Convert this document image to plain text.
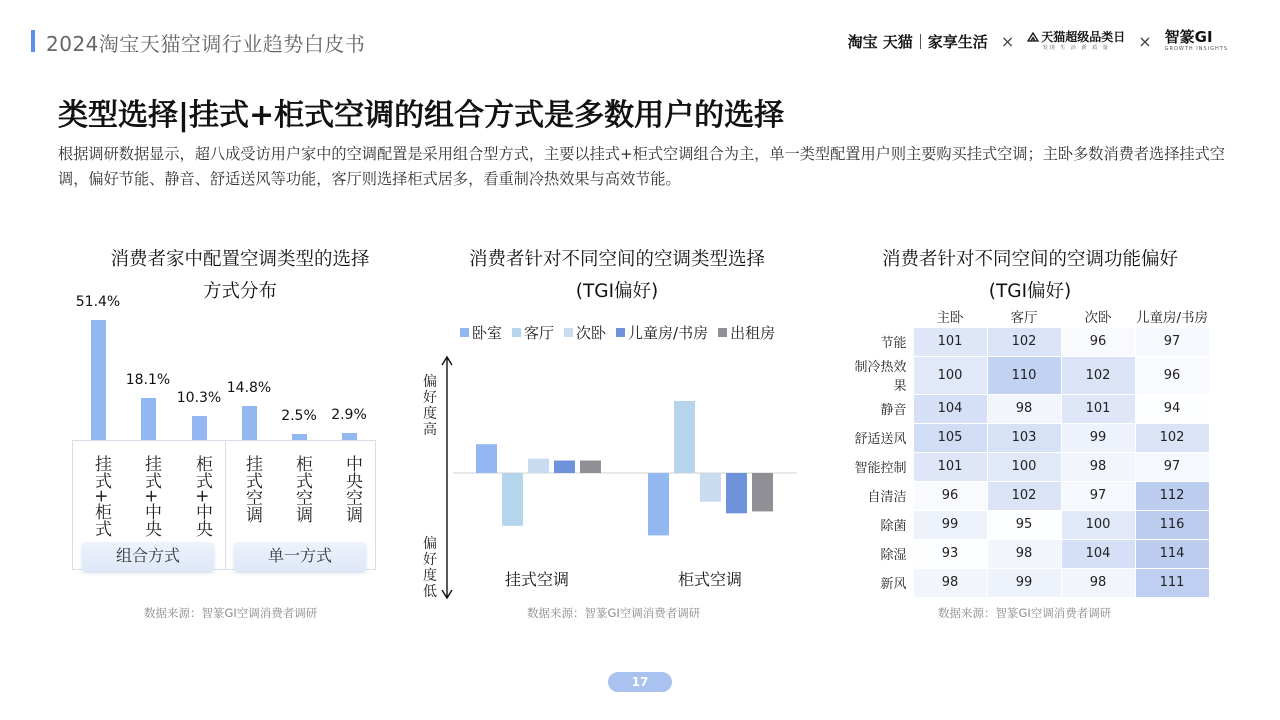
2024淘宝天猫空调行业趋势白皮书	淘宝 天猫 家享生活 × 天猫超级品类日
发现 生 活 新 质 量 × 智篆GI
GROWTH INSIGHTS
类型选择|挂式+柜式空调的组合方式是多数用户的选择
根据调研数据显示，超八成受访用户家中的空调配置是采用组合型方式，主要以挂式+柜式空调组合为主，单一类型配置用户则主要购买挂式空调；主卧多数消费者选择挂式空调，偏好节能、静音、舒适送风等功能，客厅则选择柜式居多，看重制冷热效果与高效节能。
消费者家中配置空调类型的选择
方式分布
51.4%
挂式+柜式
18.1%
挂式+中央
10.3%
柜式+中央
14.8%
挂式空调
2.5%
柜式空调
2.9%
中央空调
组合方式	单一方式
数据来源：智篆GI空调消费者调研
消费者针对不同空间的空调类型选择
(TGI偏好)
卧室 客厅 次卧 儿童房/书房 出租房
偏好度高
偏好度低
挂式空调	柜式空调
数据来源：智篆GI空调消费者调研
消费者针对不同空间的空调功能偏好
(TGI偏好)
	主卧	客厅	次卧	儿童房/书房
节能	101	102	96	97
制冷热效果	100	110	102	96
静音	104	98	101	94
舒适送风	105	103	99	102
智能控制	101	100	98	97
自清洁	96	102	97	112
除菌	99	95	100	116
除湿	93	98	104	114
新风	98	99	98	111
数据来源：智篆GI空调消费者调研
17
